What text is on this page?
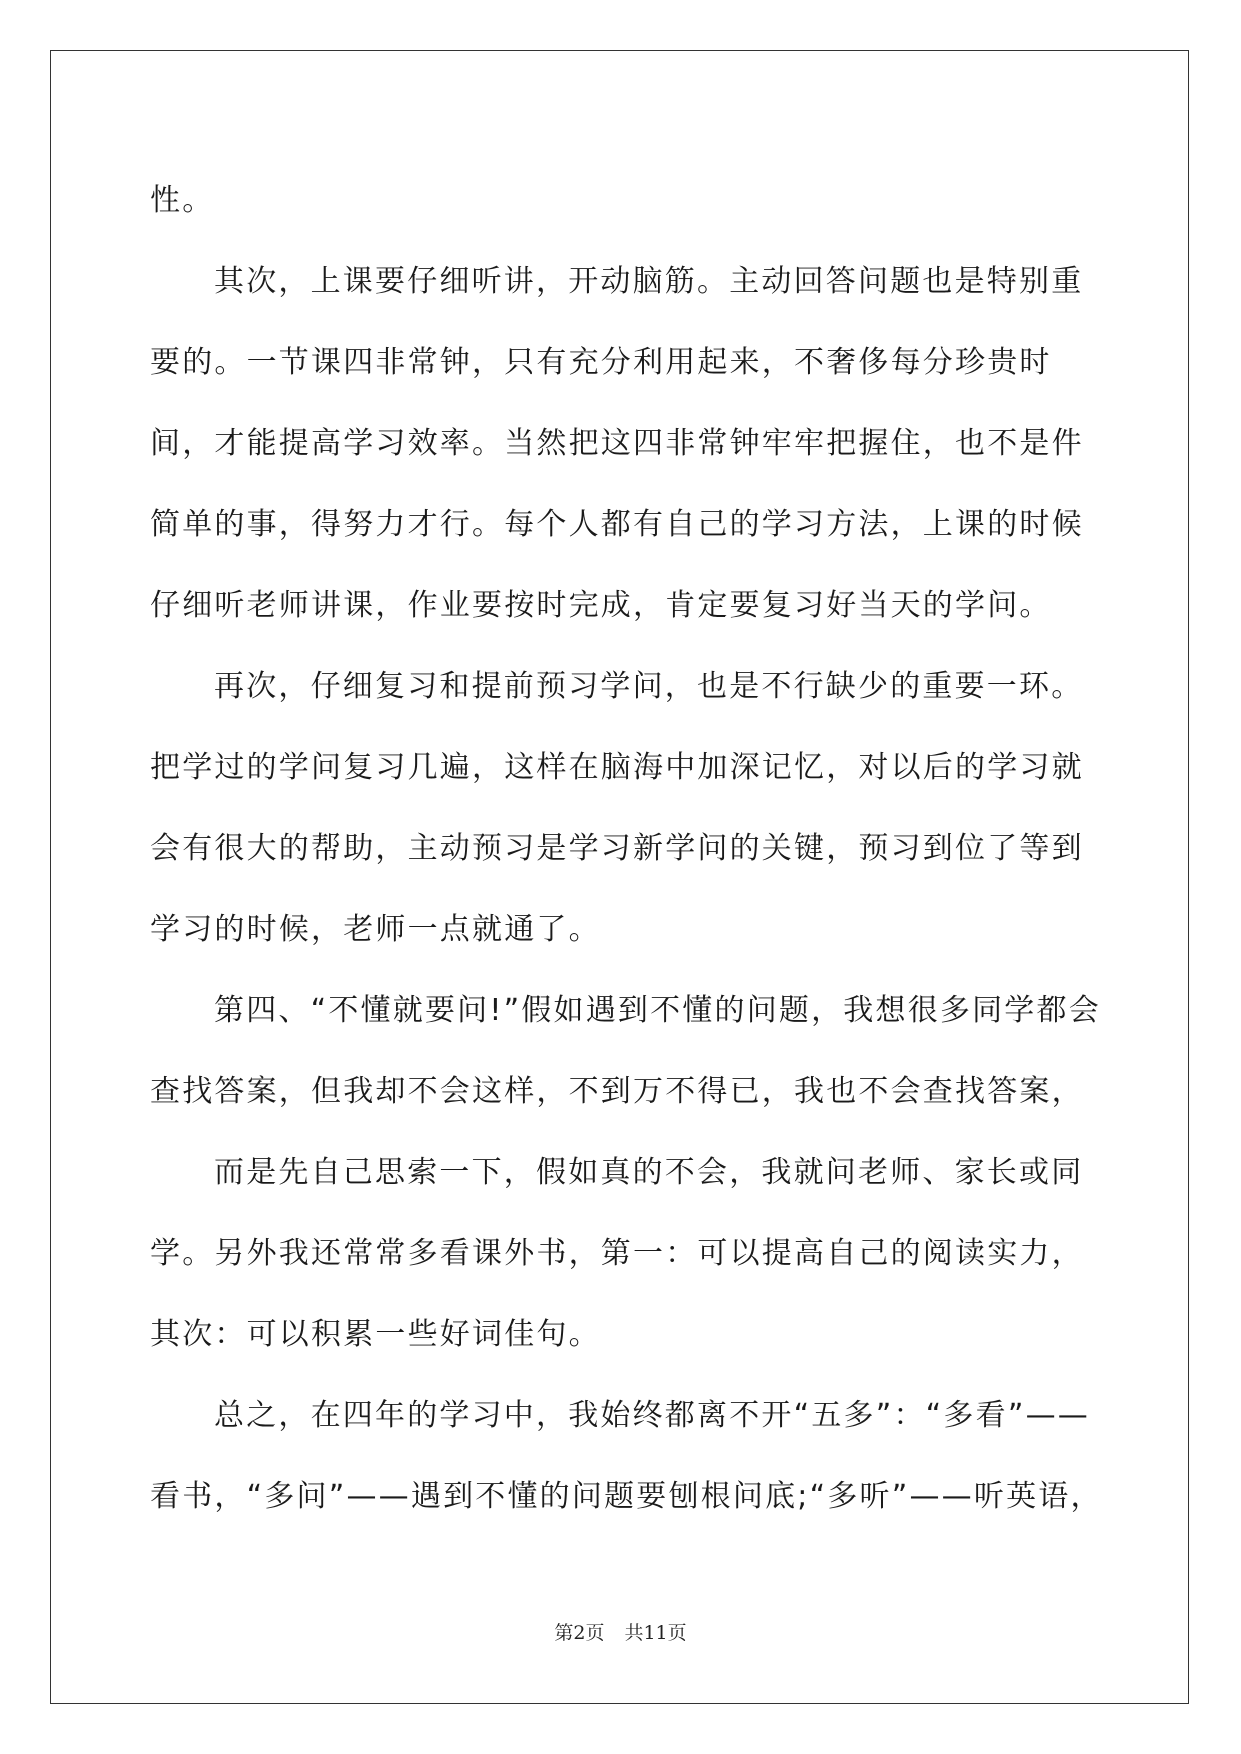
性。

其次，上课要仔细听讲，开动脑筋。主动回答问题也是特别重要的。一节课四非常钟，只有充分利用起来，不奢侈每分珍贵时间，才能提高学习效率。当然把这四非常钟牢牢把握住，也不是件简单的事，得努力才行。每个人都有自己的学习方法，上课的时候仔细听老师讲课，作业要按时完成，肯定要复习好当天的学问。

再次，仔细复习和提前预习学问，也是不行缺少的重要一环。把学过的学问复习几遍，这样在脑海中加深记忆，对以后的学习就会有很大的帮助，主动预习是学习新学问的关键，预习到位了等到学习的时候，老师一点就通了。

第四、“不懂就要问!”假如遇到不懂的问题，我想很多同学都会查找答案，但我却不会这样，不到万不得已，我也不会查找答案，

而是先自己思索一下，假如真的不会，我就问老师、家长或同学。另外我还常常多看课外书，第一：可以提高自己的阅读实力，其次：可以积累一些好词佳句。

总之，在四年的学习中，我始终都离不开“五多”：“多看”——看书，“多问”——遇到不懂的问题要刨根问底;“多听”——听英语，

第2页 共11页
